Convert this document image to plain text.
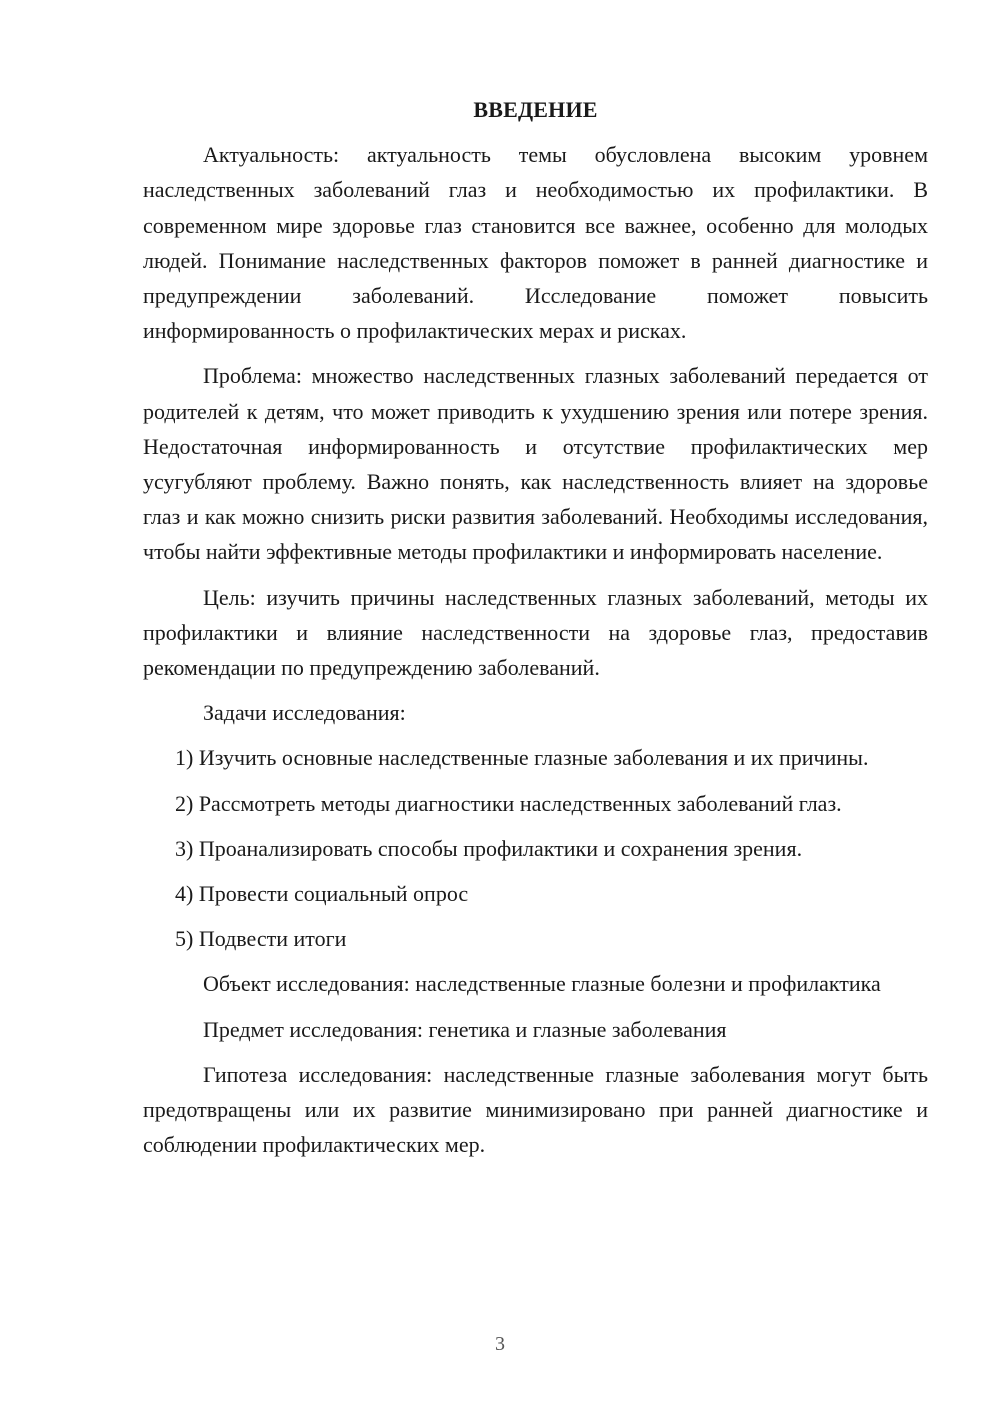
ВВЕДЕНИЕ

Актуальность: актуальность темы обусловлена высоким уровнем наследственных заболеваний глаз и необходимостью их профилактики. В современном мире здоровье глаз становится все важнее, особенно для молодых людей. Понимание наследственных факторов поможет в ранней диагностике и предупреждении заболеваний. Исследование поможет повысить информированность о профилактических мерах и рисках.

Проблема: множество наследственных глазных заболеваний передается от родителей к детям, что может приводить к ухудшению зрения или потере зрения. Недостаточная информированность и отсутствие профилактических мер усугубляют проблему. Важно понять, как наследственность влияет на здоровье глаз и как можно снизить риски развития заболеваний. Необходимы исследования, чтобы найти эффективные методы профилактики и информировать население.

Цель: изучить причины наследственных глазных заболеваний, методы их профилактики и влияние наследственности на здоровье глаз, предоставив рекомендации по предупреждению заболеваний.

Задачи исследования:

1) Изучить основные наследственные глазные заболевания и их причины.

2) Рассмотреть методы диагностики наследственных заболеваний глаз.

3) Проанализировать способы профилактики и сохранения зрения.

4) Провести социальный опрос

5) Подвести итоги

Объект исследования: наследственные глазные болезни и профилактика

Предмет исследования: генетика и глазные заболевания

Гипотеза исследования: наследственные глазные заболевания могут быть предотвращены или их развитие минимизировано при ранней диагностике и соблюдении профилактических мер.

3
